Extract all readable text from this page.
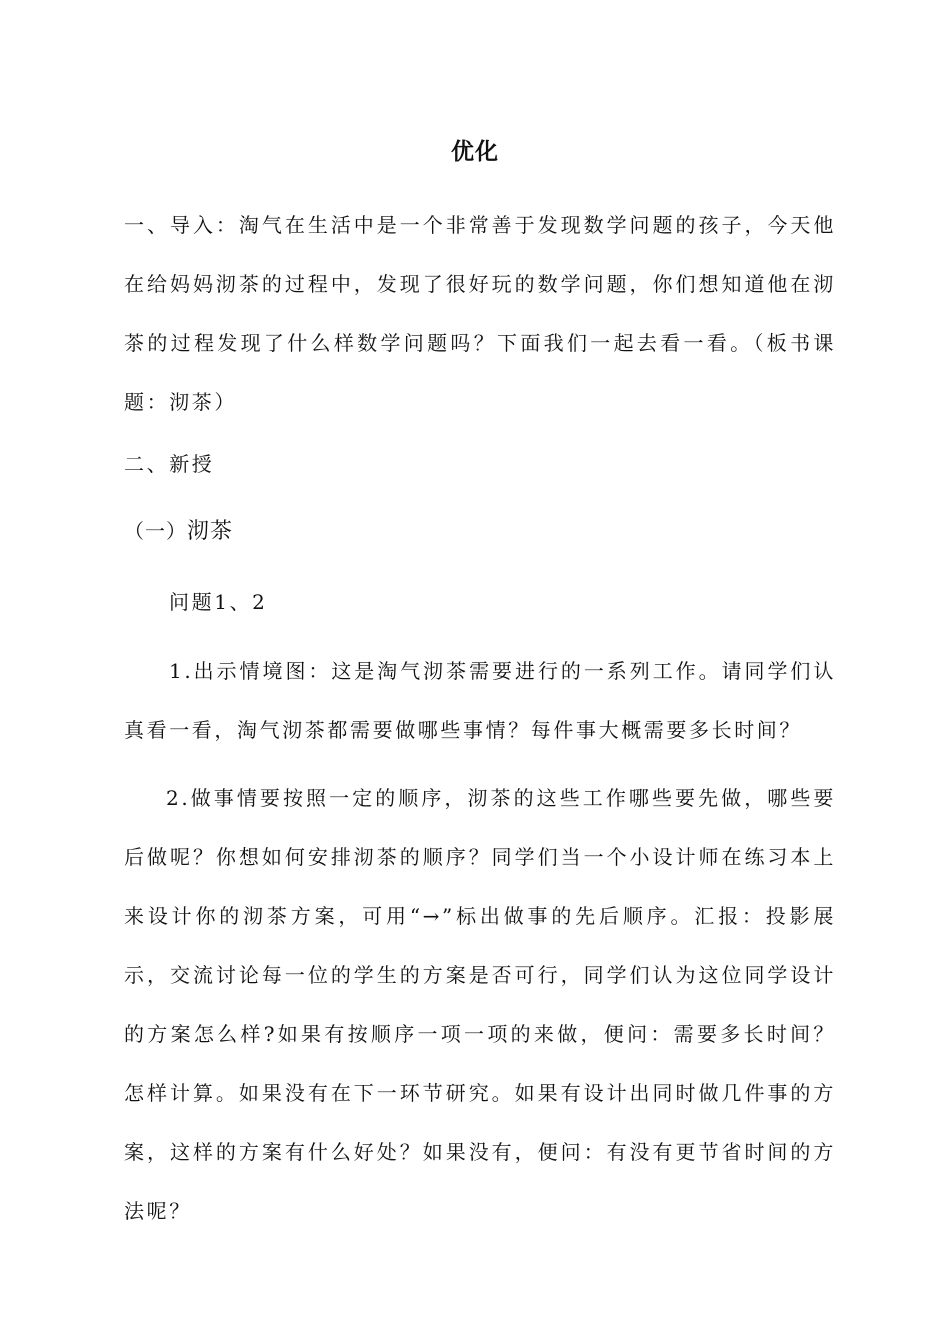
优化
一、导入：淘气在生活中是一个非常善于发现数学问题的孩子，今天他在给妈妈沏茶的过程中，发现了很好玩的数学问题，你们想知道他在沏茶的过程发现了什么样数学问题吗？下面我们一起去看一看。（板书课题：沏茶）
二、新授
（一）沏茶
问题1、2
1.出示情境图：这是淘气沏茶需要进行的一系列工作。请同学们认真看一看，淘气沏茶都需要做哪些事情？每件事大概需要多长时间？
2.做事情要按照一定的顺序，沏茶的这些工作哪些要先做，哪些要后做呢？你想如何安排沏茶的顺序？同学们当一个小设计师在练习本上来设计你的沏茶方案，可用“→”标出做事的先后顺序。汇报：投影展示，交流讨论每一位的学生的方案是否可行，同学们认为这位同学设计的方案怎么样?如果有按顺序一项一项的来做，便问：需要多长时间？怎样计算。如果没有在下一环节研究。如果有设计出同时做几件事的方案，这样的方案有什么好处？如果没有，便问：有没有更节省时间的方法呢？
